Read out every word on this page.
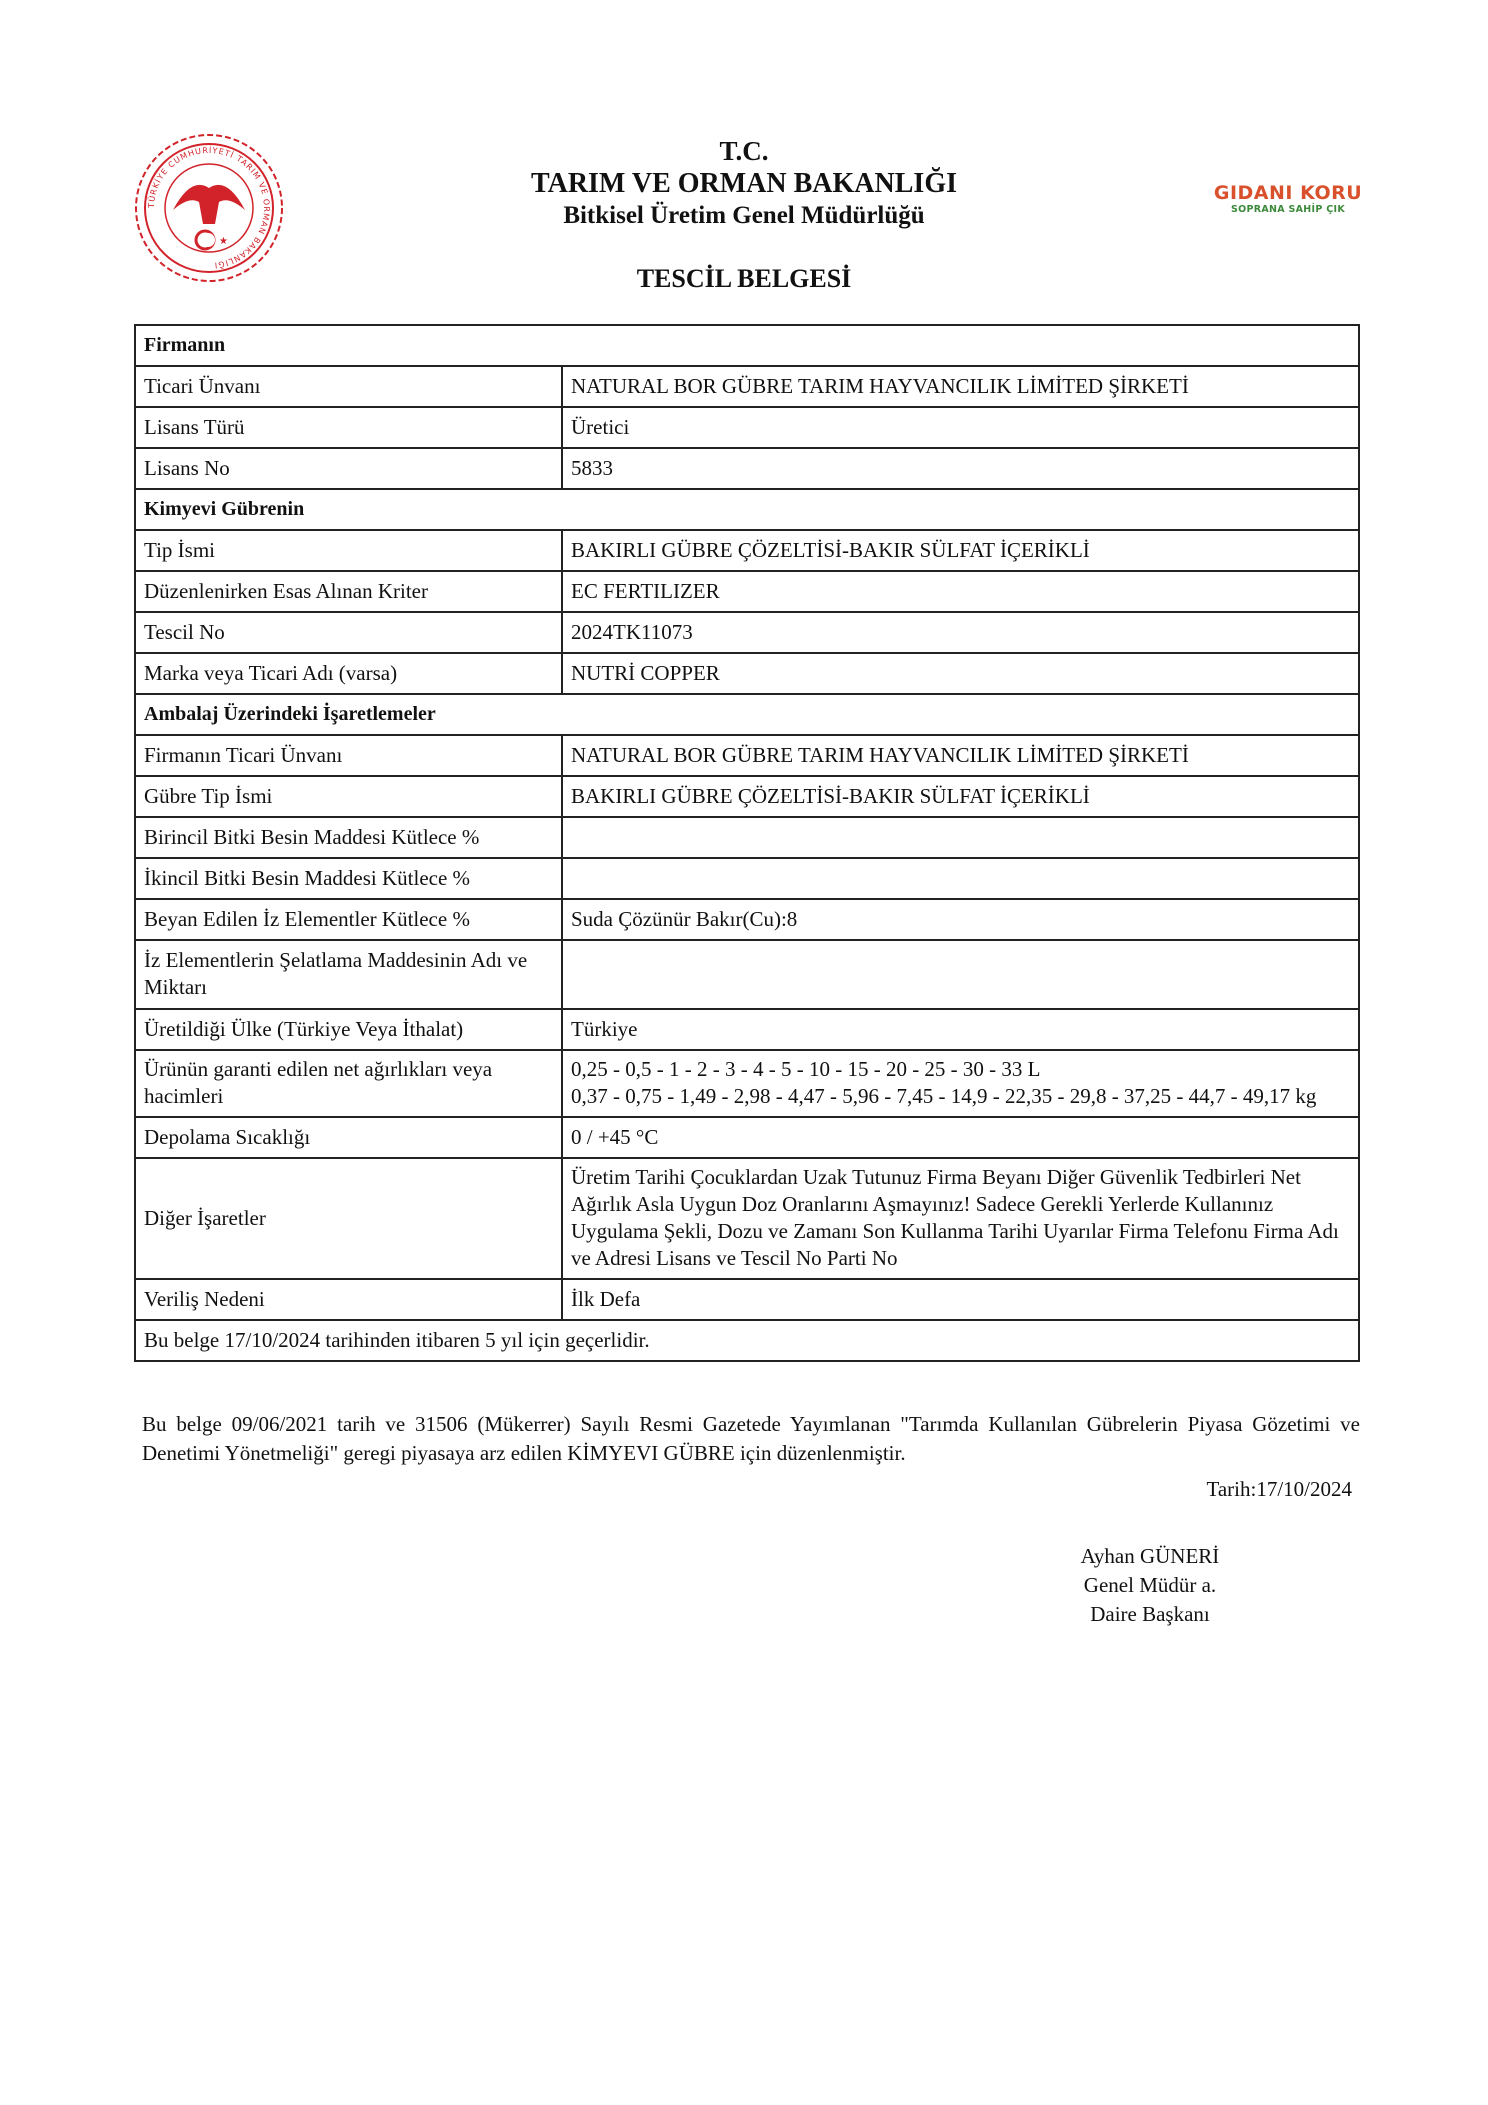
★
TÜRKİYE CUMHURİYETİ TARIM VE ORMAN BAKANLIĞI
T.C.
TARIM VE ORMAN BAKANLIĞI
Bitkisel Üretim Genel Müdürlüğü
TESCİL BELGESİ
GIDANI KORU
SOPRANA SAHİP ÇIK
Firmanın	
Ticari Ünvanı	NATURAL BOR GÜBRE TARIM HAYVANCILIK LİMİTED ŞİRKETİ
Lisans Türü	Üretici
Lisans No	5833
Kimyevi Gübrenin	
Tip İsmi	BAKIRLI GÜBRE ÇÖZELTİSİ-BAKIR SÜLFAT İÇERİKLİ
Düzenlenirken Esas Alınan Kriter	EC FERTILIZER
Tescil No	2024TK11073
Marka veya Ticari Adı (varsa)	NUTRİ COPPER
Ambalaj Üzerindeki İşaretlemeler	
Firmanın Ticari Ünvanı	NATURAL BOR GÜBRE TARIM HAYVANCILIK LİMİTED ŞİRKETİ
Gübre Tip İsmi	BAKIRLI GÜBRE ÇÖZELTİSİ-BAKIR SÜLFAT İÇERİKLİ
Birincil Bitki Besin Maddesi Kütlece %	
İkincil Bitki Besin Maddesi Kütlece %	
Beyan Edilen İz Elementler Kütlece %	Suda Çözünür Bakır(Cu):8
İz Elementlerin Şelatlama Maddesinin Adı ve Miktarı	
Üretildiği Ülke (Türkiye Veya İthalat)	Türkiye
Ürünün garanti edilen net ağırlıkları veya hacimleri	0,25 - 0,5 - 1 - 2 - 3 - 4 - 5 - 10 - 15 - 20 - 25 - 30 - 33 L
0,37 - 0,75 - 1,49 - 2,98 - 4,47 - 5,96 - 7,45 - 14,9 - 22,35 - 29,8 - 37,25 - 44,7 - 49,17 kg

Depolama Sıcaklığı	0 / +45 °C
Diğer İşaretler	Üretim Tarihi Çocuklardan Uzak Tutunuz Firma Beyanı Diğer Güvenlik Tedbirleri Net Ağırlık Asla Uygun Doz Oranlarını Aşmayınız! Sadece Gerekli Yerlerde Kullanınız Uygulama Şekli, Dozu ve Zamanı Son Kullanma Tarihi Uyarılar Firma Telefonu Firma Adı ve Adresi Lisans ve Tescil No Parti No
Veriliş Nedeni	İlk Defa
Bu belge 17/10/2024 tarihinden itibaren 5 yıl için geçerlidir.	
Bu belge 09/06/2021 tarih ve 31506 (Mükerrer) Sayılı Resmi Gazetede Yayımlanan "Tarımda Kullanılan Gübrelerin Piyasa Gözetimi ve Denetimi Yönetmeliği" geregi piyasaya arz edilen KİMYEVI GÜBRE için düzenlenmiştir.
Tarih:17/10/2024
Ayhan GÜNERİ
Genel Müdür a.
Daire Başkanı
